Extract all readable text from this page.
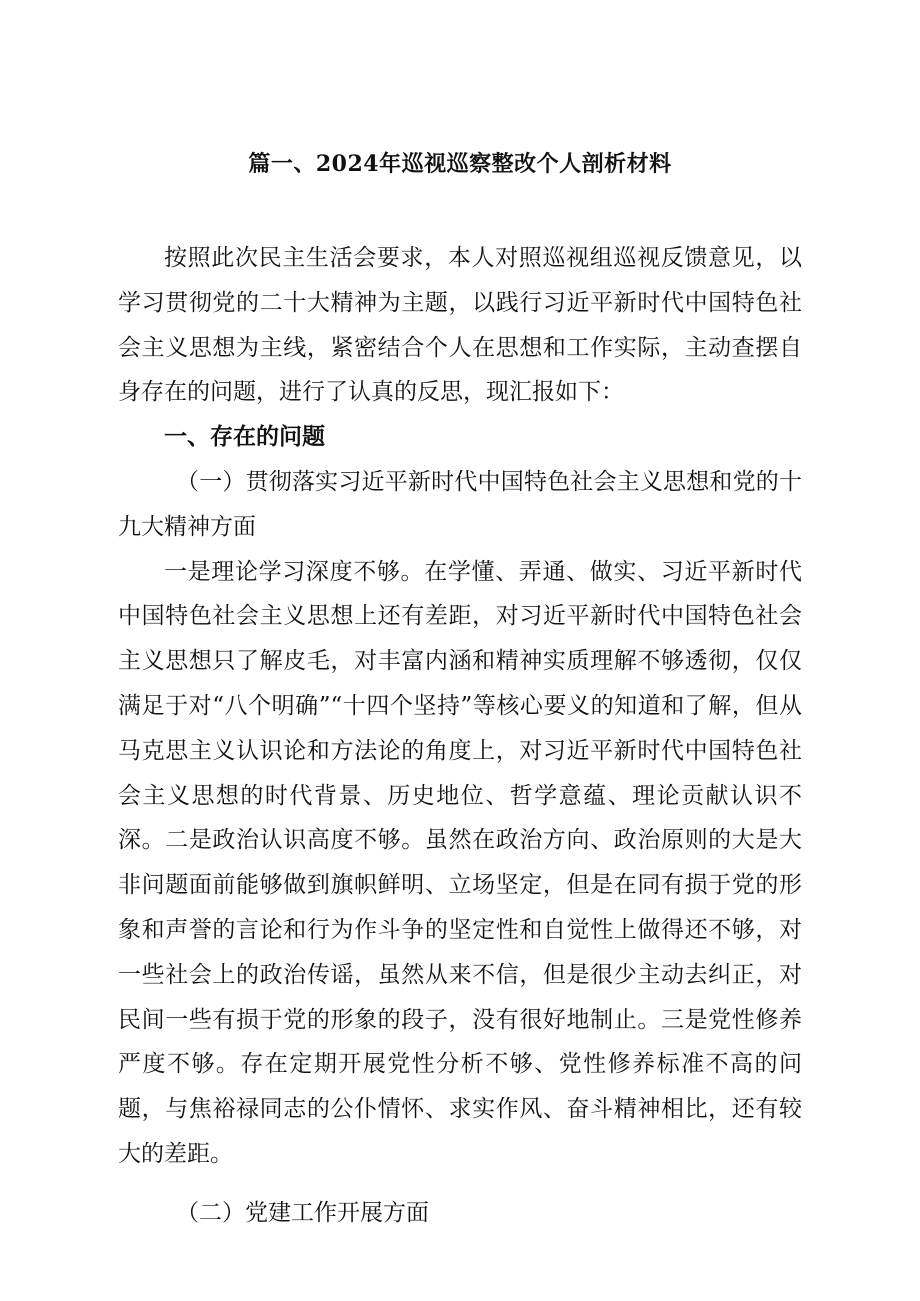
篇一、2024年巡视巡察整改个人剖析材料

按照此次民主生活会要求，本人对照巡视组巡视反馈意见，以学习贯彻党的二十大精神为主题，以践行习近平新时代中国特色社会主义思想为主线，紧密结合个人在思想和工作实际，主动查摆自身存在的问题，进行了认真的反思，现汇报如下：

一、存在的问题

（一）贯彻落实习近平新时代中国特色社会主义思想和党的十九大精神方面

一是理论学习深度不够。在学懂、弄通、做实、习近平新时代中国特色社会主义思想上还有差距，对习近平新时代中国特色社会主义思想只了解皮毛，对丰富内涵和精神实质理解不够透彻，仅仅满足于对“八个明确”“十四个坚持”等核心要义的知道和了解，但从马克思主义认识论和方法论的角度上，对习近平新时代中国特色社会主义思想的时代背景、历史地位、哲学意蕴、理论贡献认识不深。二是政治认识高度不够。虽然在政治方向、政治原则的大是大非问题面前能够做到旗帜鲜明、立场坚定，但是在同有损于党的形象和声誉的言论和行为作斗争的坚定性和自觉性上做得还不够，对一些社会上的政治传谣，虽然从来不信，但是很少主动去纠正，对民间一些有损于党的形象的段子，没有很好地制止。三是党性修养严度不够。存在定期开展党性分析不够、党性修养标准不高的问题，与焦裕禄同志的公仆情怀、求实作风、奋斗精神相比，还有较大的差距。

（二）党建工作开展方面
